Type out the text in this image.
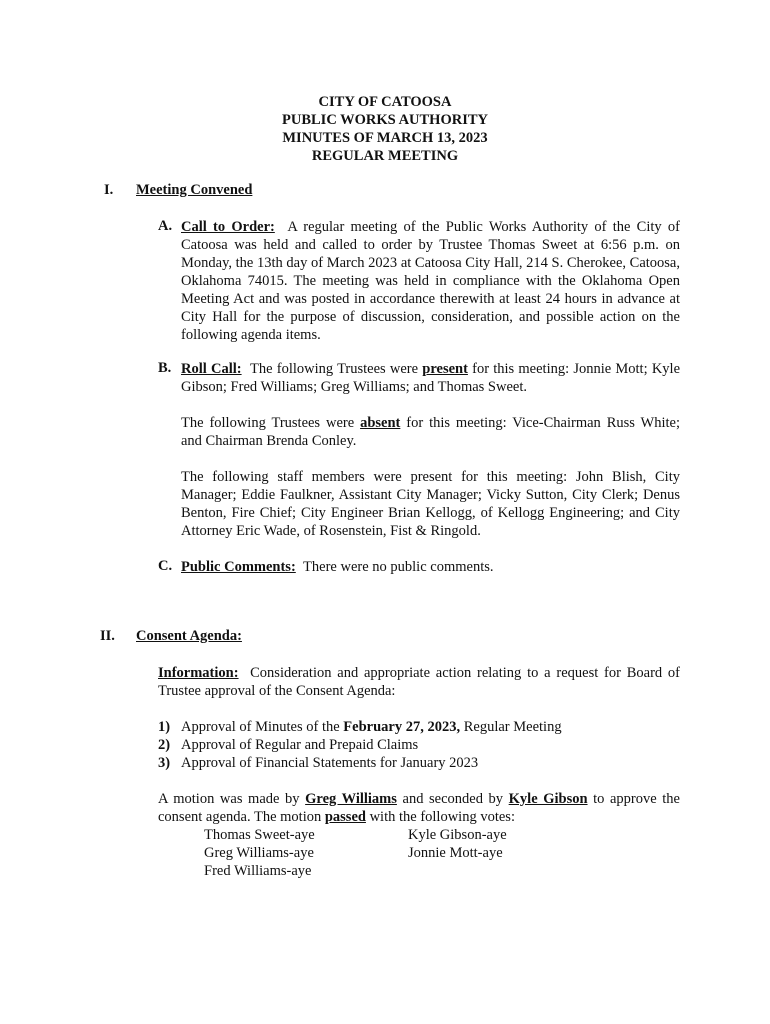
CITY OF CATOOSA
PUBLIC WORKS AUTHORITY
MINUTES OF MARCH 13, 2023
REGULAR MEETING
I. Meeting Convened
A. Call to Order: A regular meeting of the Public Works Authority of the City of Catoosa was held and called to order by Trustee Thomas Sweet at 6:56 p.m. on Monday, the 13th day of March 2023 at Catoosa City Hall, 214 S. Cherokee, Catoosa, Oklahoma 74015. The meeting was held in compliance with the Oklahoma Open Meeting Act and was posted in accordance therewith at least 24 hours in advance at City Hall for the purpose of discussion, consideration, and possible action on the following agenda items.
B. Roll Call: The following Trustees were present for this meeting: Jonnie Mott; Kyle Gibson; Fred Williams; Greg Williams; and Thomas Sweet.
The following Trustees were absent for this meeting: Vice-Chairman Russ White; and Chairman Brenda Conley.
The following staff members were present for this meeting: John Blish, City Manager; Eddie Faulkner, Assistant City Manager; Vicky Sutton, City Clerk; Denus Benton, Fire Chief; City Engineer Brian Kellogg, of Kellogg Engineering; and City Attorney Eric Wade, of Rosenstein, Fist & Ringold.
C. Public Comments: There were no public comments.
II. Consent Agenda:
Information: Consideration and appropriate action relating to a request for Board of Trustee approval of the Consent Agenda:
1) Approval of Minutes of the February 27, 2023, Regular Meeting
2) Approval of Regular and Prepaid Claims
3) Approval of Financial Statements for January 2023
A motion was made by Greg Williams and seconded by Kyle Gibson to approve the consent agenda. The motion passed with the following votes:
Thomas Sweet-aye
Greg Williams-aye
Fred Williams-aye
Kyle Gibson-aye
Jonnie Mott-aye
